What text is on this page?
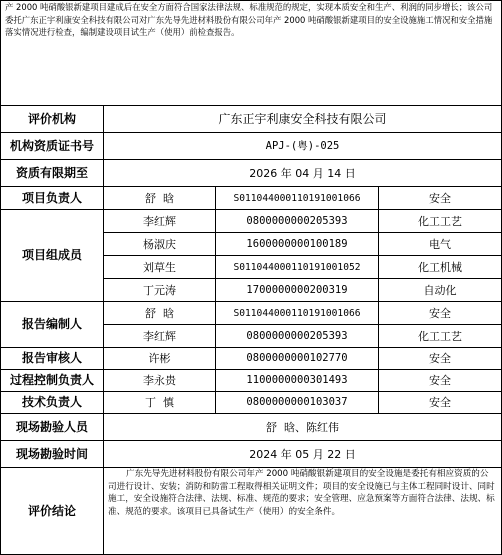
产 2000 吨硝酸银新建项目建成后在安全方面符合国家法律法规、标准规范的规定，实现本质安全和生产、利润的同步增长；该公司委托广东正宇利康安全科技有限公司对广东先导先进材料股份有限公司年产 2000 吨硝酸银新建项目的安全设施施工情况和安全措施落实情况进行检查，编制建设项目试生产（使用）前检查报告。			
评价机构	广东正宇利康安全科技有限公司		
机构资质证书号	APJ-(粤)-025		
资质有限期至	2026 年 04 月 14 日		
项目负责人	舒  晗	S011044000110191001066	安全
项目组成员	李红辉	0800000000205393	化工工艺
	杨淑庆	1600000000100189	电气
	刘草生	S011044000110191001052	化工机械
	丁元涛	1700000000200319	自动化
报告编制人	舒  晗	S011044000110191001066	安全
	李红辉	0800000000205393	化工工艺
报告审核人	许彬	0800000000102770	安全
过程控制负责人	李永贵	1100000000301493	安全
技术负责人	丁  慎	0800000000103037	安全
现场勘验人员	舒  晗、陈红伟		
现场勘验时间	2024 年 05 月 22 日		
评价结论	广东先导先进材料股份有限公司年产 2000 吨硝酸银新建项目的安全设施是委托有相应资质的公司进行设计、安装；消防和防雷工程取得相关证明文件；项目的安全设施已与主体工程同时设计、同时施工，安全设施符合法律、法规、标准、规范的要求；安全管理、应急预案等方面符合法律、法规、标准、规范的要求。该项目已具备试生产（使用）的安全条件。		
